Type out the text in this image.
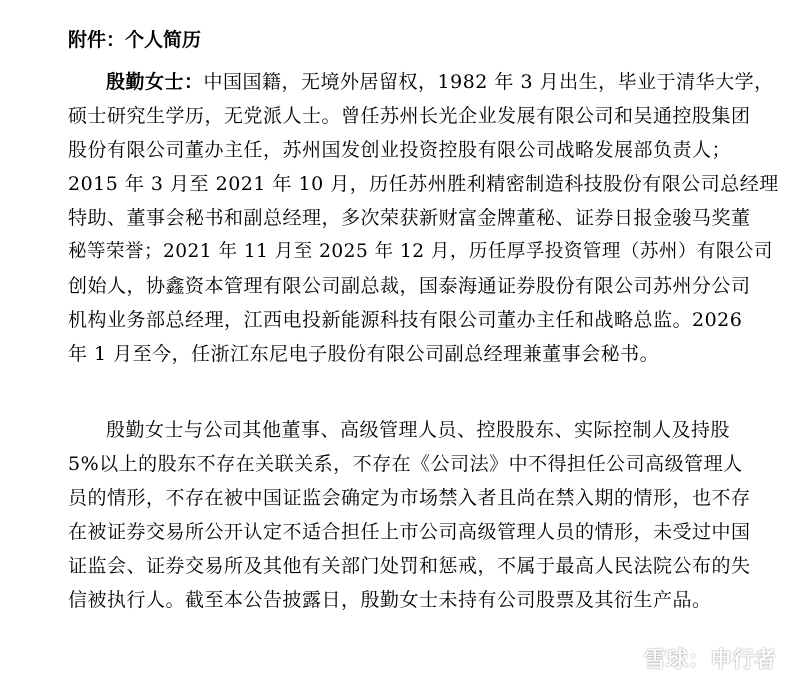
附件：个人简历
殷勤女士：中国国籍，无境外居留权，1982 年 3 月出生，毕业于清华大学，
硕士研究生学历，无党派人士。曾任苏州长光企业发展有限公司和吴通控股集团
股份有限公司董办主任，苏州国发创业投资控股有限公司战略发展部负责人；
2015 年 3 月至 2021 年 10 月，历任苏州胜利精密制造科技股份有限公司总经理
特助、董事会秘书和副总经理，多次荣获新财富金牌董秘、证券日报金骏马奖董
秘等荣誉；2021 年 11 月至 2025 年 12 月，历任厚孚投资管理（苏州）有限公司
创始人，协鑫资本管理有限公司副总裁，国泰海通证券股份有限公司苏州分公司
机构业务部总经理，江西电投新能源科技有限公司董办主任和战略总监。2026
年 1 月至今，任浙江东尼电子股份有限公司副总经理兼董事会秘书。
殷勤女士与公司其他董事、高级管理人员、控股股东、实际控制人及持股
5%以上的股东不存在关联关系，不存在《公司法》中不得担任公司高级管理人
员的情形，不存在被中国证监会确定为市场禁入者且尚在禁入期的情形，也不存
在被证券交易所公开认定不适合担任上市公司高级管理人员的情形，未受过中国
证监会、证券交易所及其他有关部门处罚和惩戒，不属于最高人民法院公布的失
信被执行人。截至本公告披露日，殷勤女士未持有公司股票及其衍生产品。
雪球：申行者
